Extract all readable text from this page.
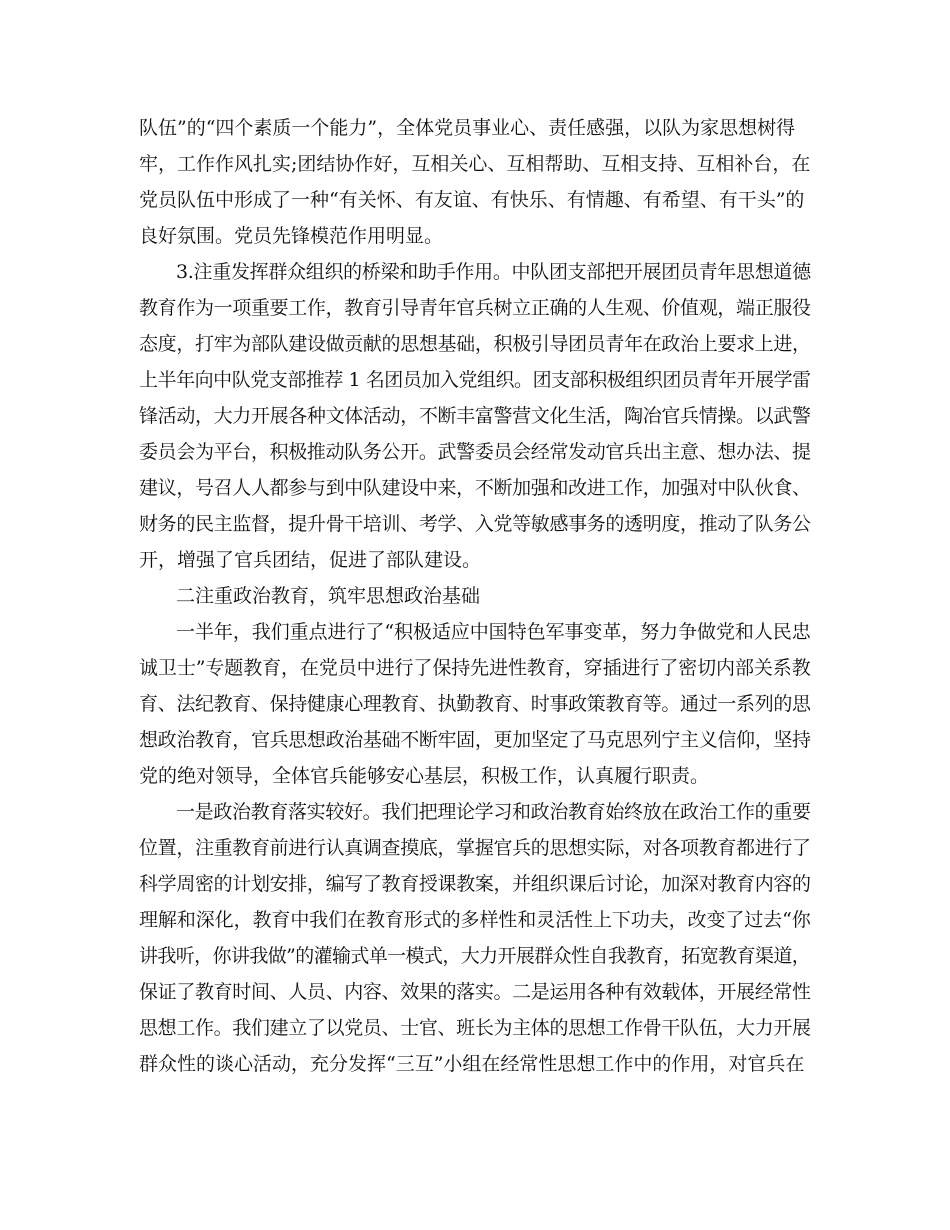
队伍”的“四个素质一个能力”，全体党员事业心、责任感强，以队为家思想树得
牢，工作作风扎实;团结协作好，互相关心、互相帮助、互相支持、互相补台，在
党员队伍中形成了一种“有关怀、有友谊、有快乐、有情趣、有希望、有干头”的
良好氛围。党员先锋模范作用明显。
3.注重发挥群众组织的桥梁和助手作用。中队团支部把开展团员青年思想道德
教育作为一项重要工作，教育引导青年官兵树立正确的人生观、价值观，端正服役
态度，打牢为部队建设做贡献的思想基础，积极引导团员青年在政治上要求上进，
上半年向中队党支部推荐 1 名团员加入党组织。团支部积极组织团员青年开展学雷
锋活动，大力开展各种文体活动，不断丰富警营文化生活，陶冶官兵情操。以武警
委员会为平台，积极推动队务公开。武警委员会经常发动官兵出主意、想办法、提
建议，号召人人都参与到中队建设中来，不断加强和改进工作，加强对中队伙食、
财务的民主监督，提升骨干培训、考学、入党等敏感事务的透明度，推动了队务公
开，增强了官兵团结，促进了部队建设。
二注重政治教育，筑牢思想政治基础
一半年，我们重点进行了“积极适应中国特色军事变革，努力争做党和人民忠
诚卫士”专题教育，在党员中进行了保持先进性教育，穿插进行了密切内部关系教
育、法纪教育、保持健康心理教育、执勤教育、时事政策教育等。通过一系列的思
想政治教育，官兵思想政治基础不断牢固，更加坚定了马克思列宁主义信仰，坚持
党的绝对领导，全体官兵能够安心基层，积极工作，认真履行职责。
一是政治教育落实较好。我们把理论学习和政治教育始终放在政治工作的重要
位置，注重教育前进行认真调查摸底，掌握官兵的思想实际，对各项教育都进行了
科学周密的计划安排，编写了教育授课教案，并组织课后讨论，加深对教育内容的
理解和深化，教育中我们在教育形式的多样性和灵活性上下功夫，改变了过去“你
讲我听，你讲我做”的灌输式单一模式，大力开展群众性自我教育，拓宽教育渠道，
保证了教育时间、人员、内容、效果的落实。二是运用各种有效载体，开展经常性
思想工作。我们建立了以党员、士官、班长为主体的思想工作骨干队伍，大力开展
群众性的谈心活动，充分发挥“三互”小组在经常性思想工作中的作用，对官兵在
